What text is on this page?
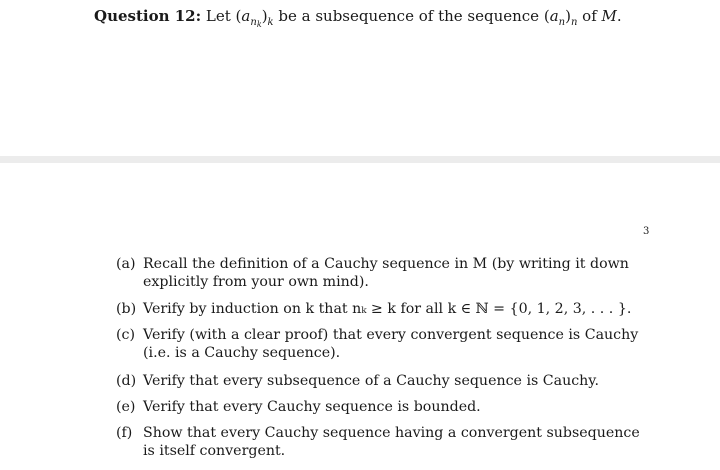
Question 12: Let $(a_{n_k})_k$ be a subsequence of the sequence $(a_n)_n$ of M.
3
(a) Recall the definition of a Cauchy sequence in M (by writing it down explicitly from your own mind).
(b) Verify by induction on k that nₖ ≥ k for all k ∈ ℕ = {0, 1, 2, 3, . . . }.
(c) Verify (with a clear proof) that every convergent sequence is Cauchy (i.e. is a Cauchy sequence).
(d) Verify that every subsequence of a Cauchy sequence is Cauchy.
(e) Verify that every Cauchy sequence is bounded.
(f) Show that every Cauchy sequence having a convergent subsequence is itself convergent.
